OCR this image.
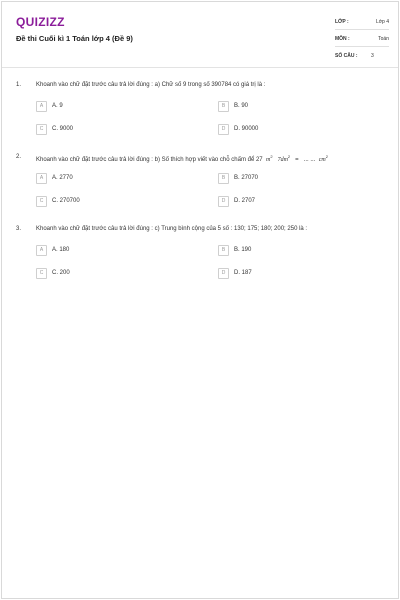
QUIZIZZ
Đề thi Cuối kì 1 Toán lớp 4 (Đề 9)
LỚP :	Lớp 4
MÔN :	Toán
SỐ CÂU :	3
1. Khoanh vào chữ đặt trước câu trả lời đúng : a) Chữ số 9 trong số 390784 có giá trị là :
A	A. 9	B	B. 90
C	C. 9000	D	D. 90000
2. Khoanh vào chữ đặt trước câu trả lời đúng : b) Số thích hợp viết vào chỗ chấm để 27 $m^2$   $7dm^2$   = ... ... $cm^2$
A	A. 2770	B	B. 27070
C	C. 270700	D	D. 2707
3. Khoanh vào chữ đặt trước câu trả lời đúng : c) Trung bình cộng của 5 số : 130; 175; 180; 200; 250 là :
A	A. 180	B	B. 190
C	C. 200	D	D. 187
